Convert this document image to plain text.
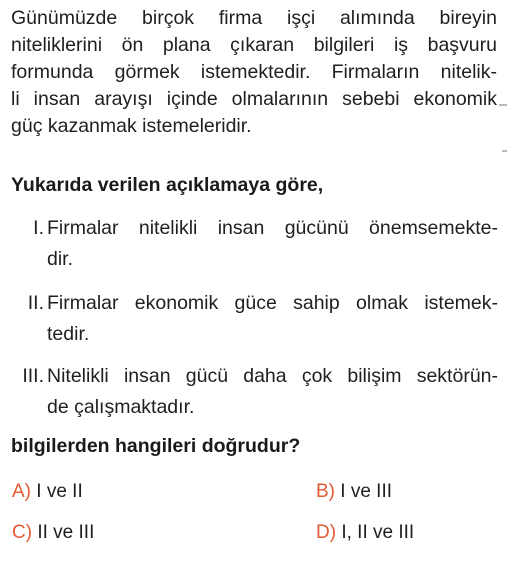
Günümüzde birçok firma işçi alımında bireyin
niteliklerini ön plana çıkaran bilgileri iş başvuru
formunda görmek istemektedir. Firmaların nitelik-
li insan arayışı içinde olmalarının sebebi ekonomik
güç kazanmak istemeleridir.
Yukarıda verilen açıklamaya göre,
I. Firmalar nitelikli insan gücünü önemsemekte-
dir.
II. Firmalar ekonomik güce sahip olmak istemek-
tedir.
III. Nitelikli insan gücü daha çok bilişim sektörün-
de çalışmaktadır.
bilgilerden hangileri doğrudur?
A) I ve II	B) I ve III
C) II ve III	D) I, II ve III
